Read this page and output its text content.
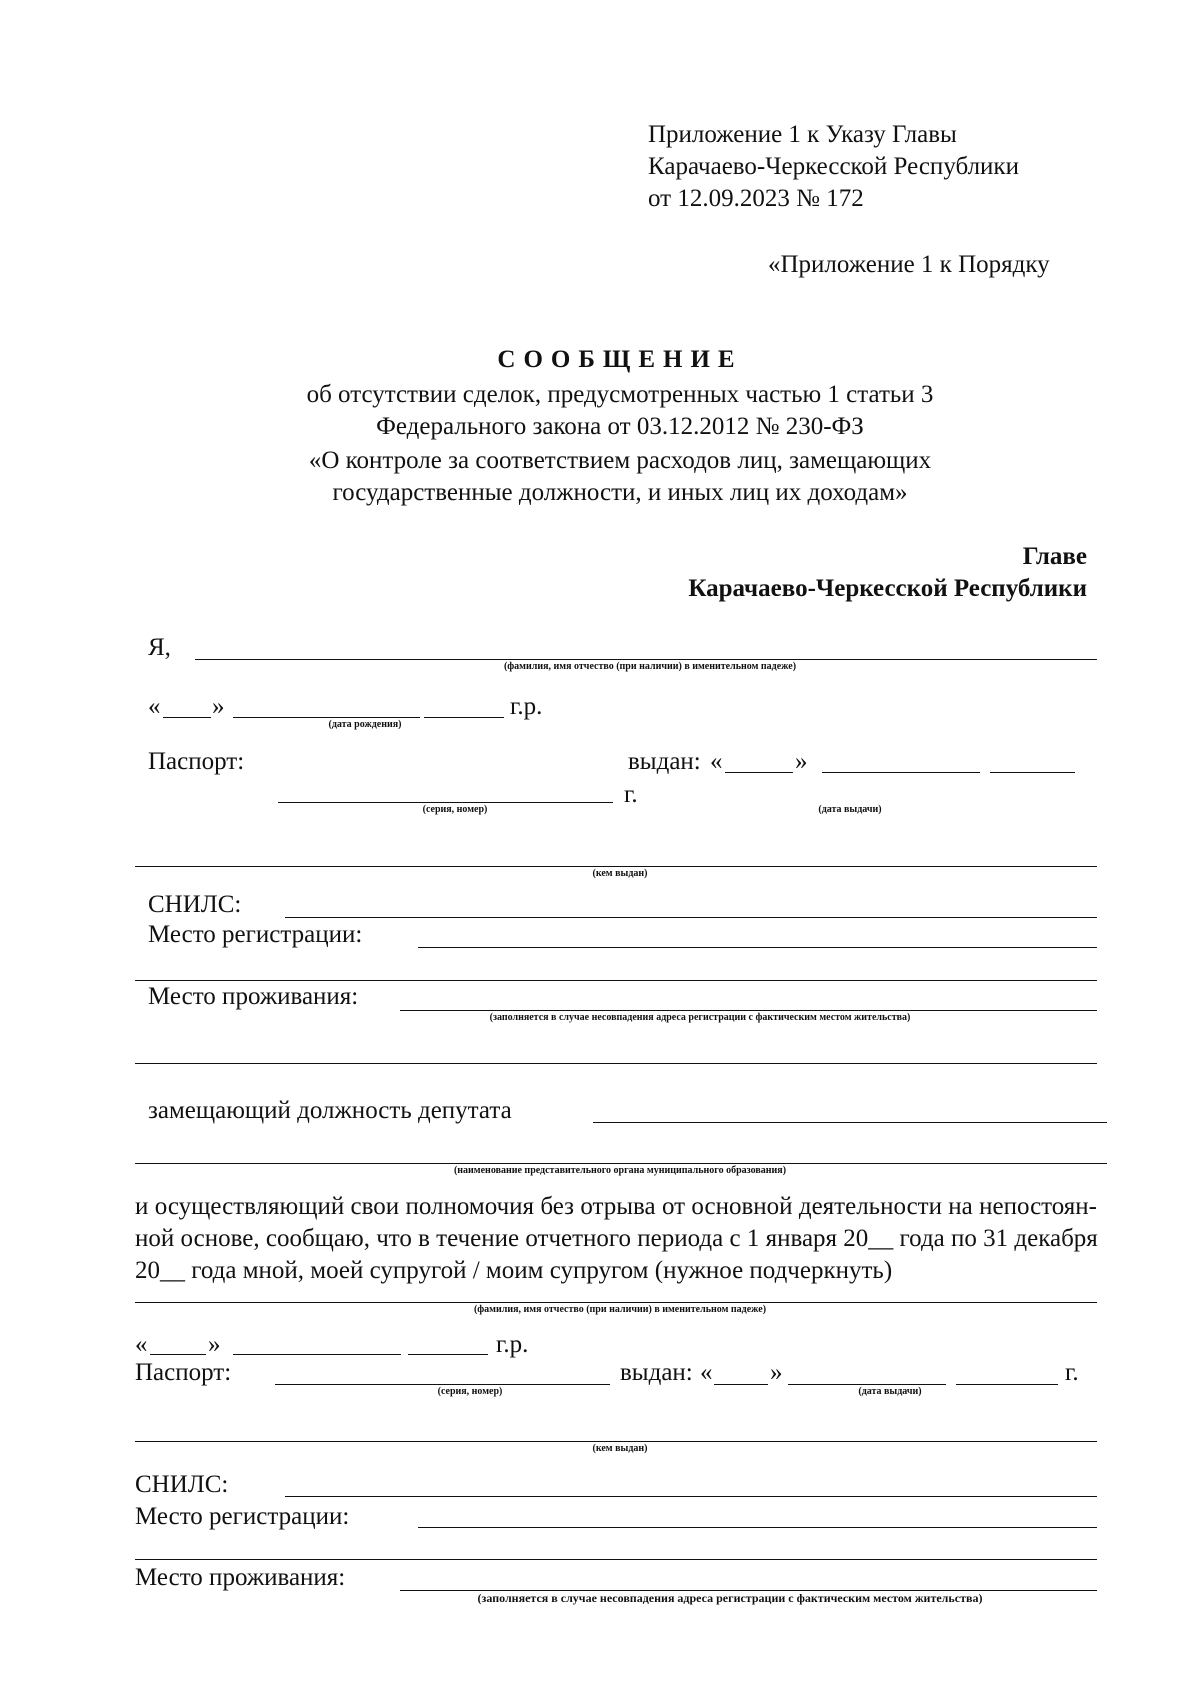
Приложение 1 к Указу Главы
Карачаево-Черкесской Республики
от 12.09.2023 № 172
«Приложение 1 к Порядку
СООБЩЕНИЕ
об отсутствии сделок, предусмотренных частью 1 статьи 3
Федерального закона от 03.12.2012 № 230-ФЗ
«О контроле за соответствием расходов лиц, замещающих
государственные должности, и иных лиц их доходам»
Главе
Карачаево-Черкесской Республики
Я,
(фамилия, имя отчество (при наличии) в именительном падеже)
« »	г.р.
(дата рождения)
Паспорт:	выдан: «	»
г.
(серия, номер)	(дата выдачи)
(кем выдан)
СНИЛС:
Место регистрации:
Место проживания:
(заполняется в случае несовпадения адреса регистрации с фактическим местом жительства)
замещающий должность депутата
(наименование представительного органа муниципального образования)
и осуществляющий свои полномочия без отрыва от основной деятельности на непостоян-
ной основе, сообщаю, что в течение отчетного периода с 1 января 20__ года по 31 декабря
20__ года мной, моей супругой / моим супругом (нужное подчеркнуть)
(фамилия, имя отчество (при наличии) в именительном падеже)
« »	г.р.
Паспорт:
(серия, номер)
выдан: « »	г.
(дата выдачи)
(кем выдан)
СНИЛС:
Место регистрации:
Место проживания:
(заполняется в случае несовпадения адреса регистрации с фактическим местом жительства)
